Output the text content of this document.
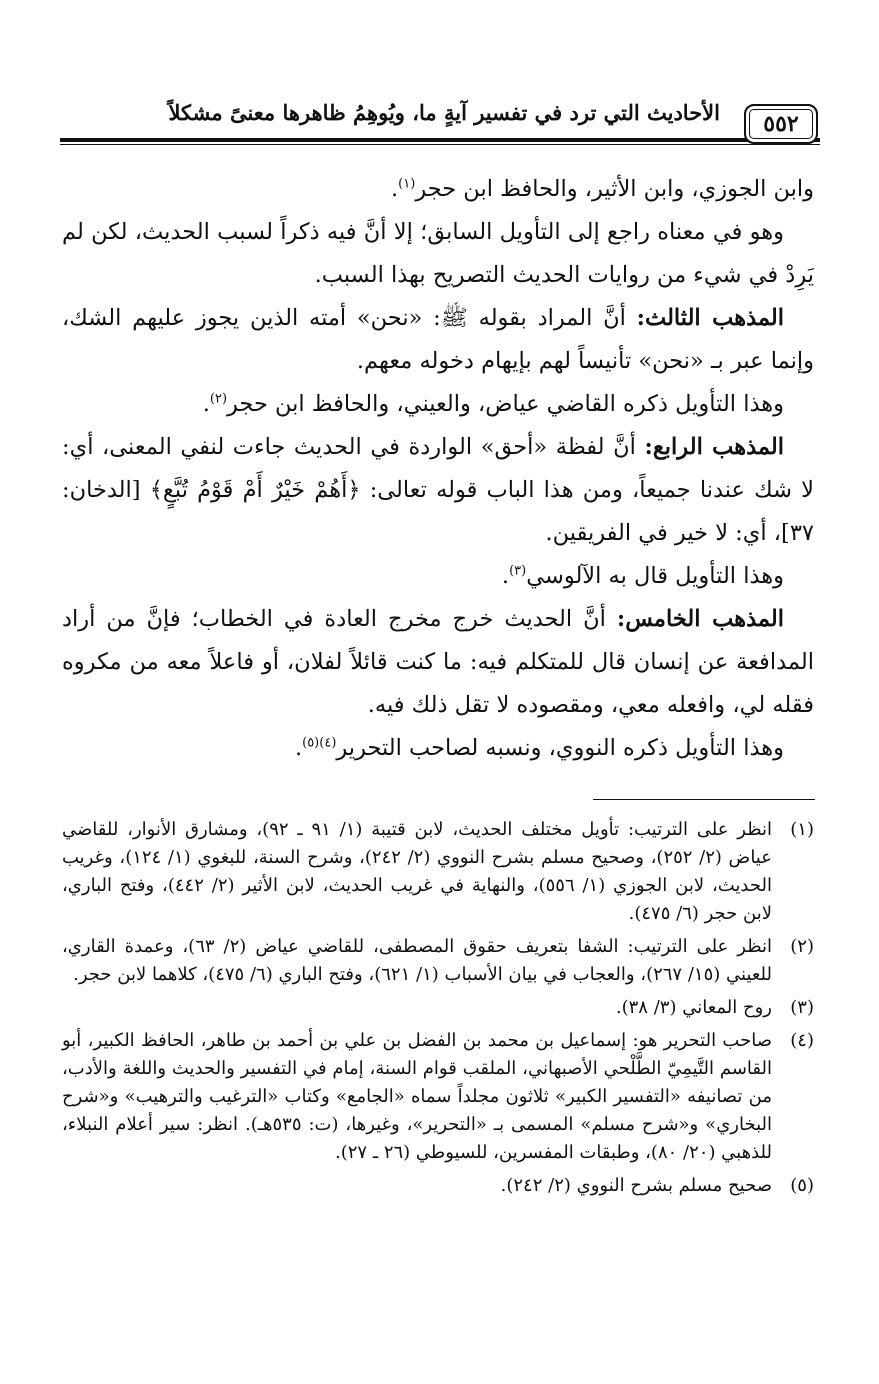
٥٥٢
الأحاديث التي ترد في تفسير آيةٍ ما، ويُوهِمُ ظاهرها معنىً مشكلاً

وابن الجوزي، وابن الأثير، والحافظ ابن حجر$^{(١)}$.

وهو في معناه راجع إلى التأويل السابق؛ إلا أنَّ فيه ذكراً لسبب الحديث، لكن لم يَرِدْ في شيء من روايات الحديث التصريح بهذا السبب.

المذهب الثالث: أنَّ المراد بقوله ﷺ: «نحن» أمته الذين يجوز عليهم الشك، وإنما عبر بـ «نحن» تأنيساً لهم بإيهام دخوله معهم.

وهذا التأويل ذكره القاضي عياض، والعيني، والحافظ ابن حجر$^{(٢)}$.

المذهب الرابع: أنَّ لفظة «أحق» الواردة في الحديث جاءت لنفي المعنى، أي: لا شك عندنا جميعاً، ومن هذا الباب قوله تعالى: ﴿أَهُمْ خَيْرٌ أَمْ قَوْمُ تُبَّعٍ﴾ [الدخان: ٣٧]، أي: لا خير في الفريقين.

وهذا التأويل قال به الآلوسي$^{(٣)}$.

المذهب الخامس: أنَّ الحديث خرج مخرج العادة في الخطاب؛ فإنَّ من أراد المدافعة عن إنسان قال للمتكلم فيه: ما كنت قائلاً لفلان، أو فاعلاً معه من مكروه فقله لي، وافعله معي، ومقصوده لا تقل ذلك فيه.

وهذا التأويل ذكره النووي، ونسبه لصاحب التحرير$^{(٤)(٥)}$.

(١)
انظر على الترتيب: تأويل مختلف الحديث، لابن قتيبة (١/ ٩١ ـ ٩٢)، ومشارق الأنوار، للقاضي عياض (٢/ ٢٥٢)، وصحيح مسلم بشرح النووي (٢/ ٢٤٢)، وشرح السنة، للبغوي (١/ ١٢٤)، وغريب الحديث، لابن الجوزي (١/ ٥٥٦)، والنهاية في غريب الحديث، لابن الأثير (٢/ ٤٤٢)، وفتح الباري، لابن حجر (٦/ ٤٧٥).
(٢)
انظر على الترتيب: الشفا بتعريف حقوق المصطفى، للقاضي عياض (٢/ ٦٣)، وعمدة القاري، للعيني (١٥/ ٢٦٧)، والعجاب في بيان الأسباب (١/ ٦٢١)، وفتح الباري (٦/ ٤٧٥)، كلاهما لابن حجر.
(٣)
روح المعاني (٣/ ٣٨).
(٤)
صاحب التحرير هو: إسماعيل بن محمد بن الفضل بن علي بن أحمد بن طاهر، الحافظ الكبير، أبو القاسم التَّيمِيّ الطَّلْحي الأصبهاني، الملقب قوام السنة، إمام في التفسير والحديث واللغة والأدب، من تصانيفه «التفسير الكبير» ثلاثون مجلداً سماه «الجامع» وكتاب «الترغيب والترهيب» و«شرح البخاري» و«شرح مسلم» المسمى بـ «التحرير»، وغيرها، (ت: ٥٣٥هـ). انظر: سير أعلام النبلاء، للذهبي (٢٠/ ٨٠)، وطبقات المفسرين، للسيوطي (٢٦ ـ ٢٧).
(٥)
صحيح مسلم بشرح النووي (٢/ ٢٤٢).
